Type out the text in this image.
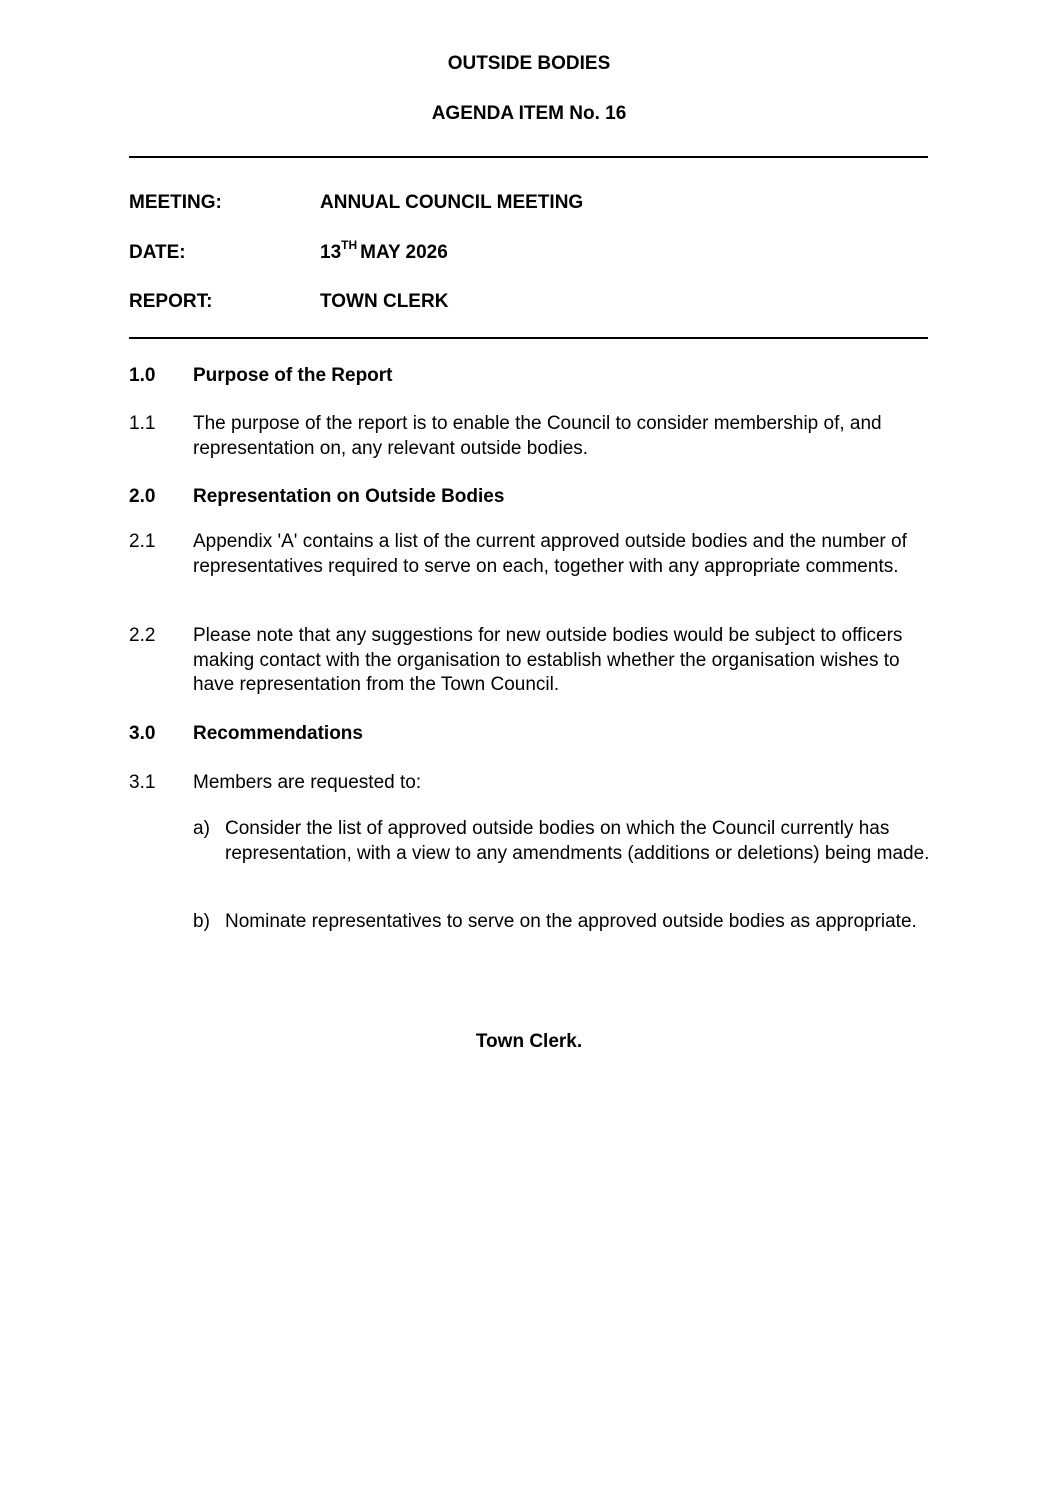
OUTSIDE BODIES
AGENDA ITEM No. 16
MEETING:	ANNUAL COUNCIL MEETING
DATE:	13TH MAY 2026
REPORT:	TOWN CLERK
1.0 Purpose of the Report
1.1 The purpose of the report is to enable the Council to consider membership of, and representation on, any relevant outside bodies.
2.0 Representation on Outside Bodies
2.1 Appendix 'A' contains a list of the current approved outside bodies and the number of representatives required to serve on each, together with any appropriate comments.
2.2 Please note that any suggestions for new outside bodies would be subject to officers making contact with the organisation to establish whether the organisation wishes to have representation from the Town Council.
3.0 Recommendations
3.1 Members are requested to:
a) Consider the list of approved outside bodies on which the Council currently has representation, with a view to any amendments (additions or deletions) being made.
b) Nominate representatives to serve on the approved outside bodies as appropriate.
Town Clerk.
